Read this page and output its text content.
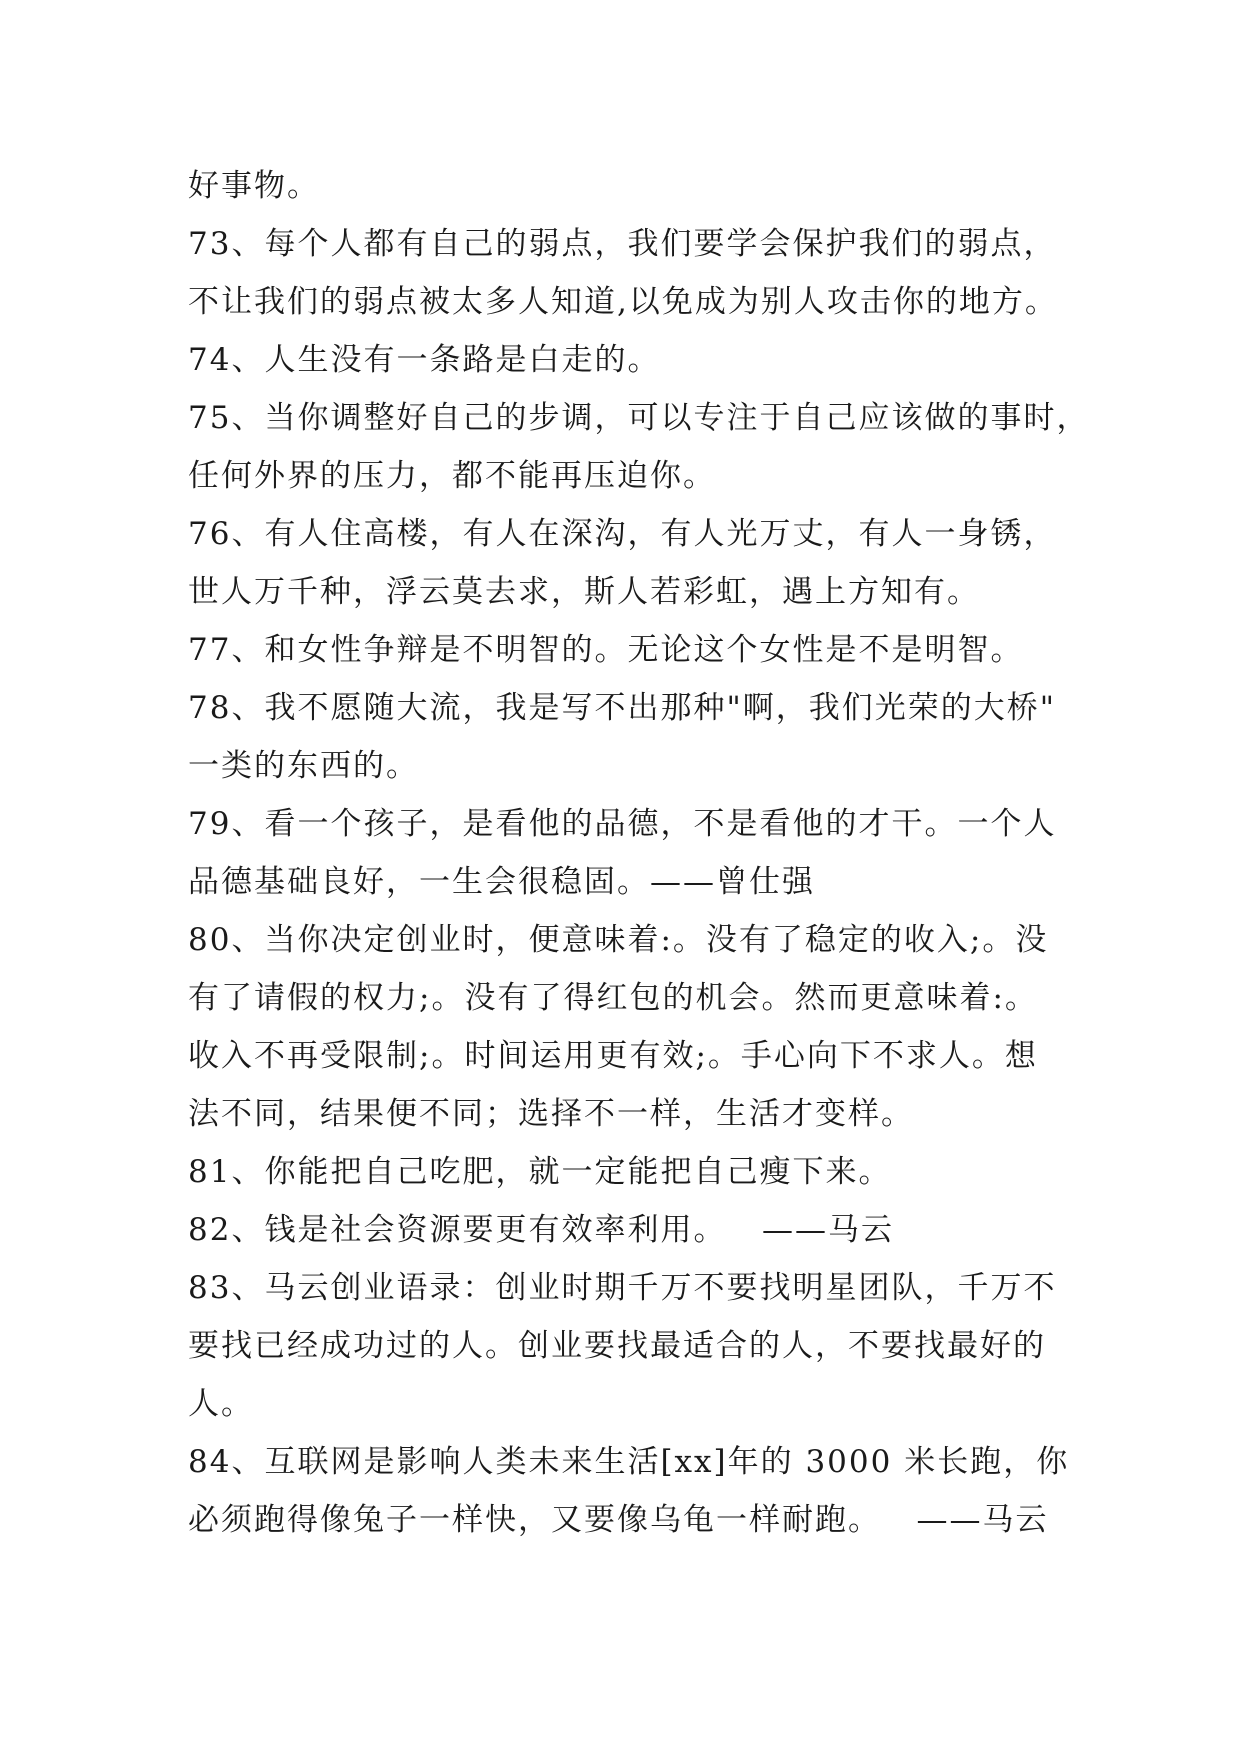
好事物。
73、每个人都有自己的弱点，我们要学会保护我们的弱点，
不让我们的弱点被太多人知道,以免成为别人攻击你的地方。
74、人生没有一条路是白走的。
75、当你调整好自己的步调，可以专注于自己应该做的事时，
任何外界的压力，都不能再压迫你。
76、有人住高楼，有人在深沟，有人光万丈，有人一身锈，
世人万千种，浮云莫去求，斯人若彩虹，遇上方知有。
77、和女性争辩是不明智的。无论这个女性是不是明智。
78、我不愿随大流，我是写不出那种"啊，我们光荣的大桥"
一类的东西的。
79、看一个孩子，是看他的品德，不是看他的才干。一个人
品德基础良好，一生会很稳固。——曾仕强
80、当你决定创业时，便意味着:。没有了稳定的收入;。没
有了请假的权力;。没有了得红包的机会。然而更意味着:。
收入不再受限制;。时间运用更有效;。手心向下不求人。想
法不同，结果便不同；选择不一样，生活才变样。
81、你能把自己吃肥，就一定能把自己瘦下来。
82、钱是社会资源要更有效率利用。   ——马云
83、马云创业语录：创业时期千万不要找明星团队，千万不
要找已经成功过的人。创业要找最适合的人，不要找最好的
人。
84、互联网是影响人类未来生活[xx]年的 3000 米长跑，你
必须跑得像兔子一样快，又要像乌龟一样耐跑。   ——马云
